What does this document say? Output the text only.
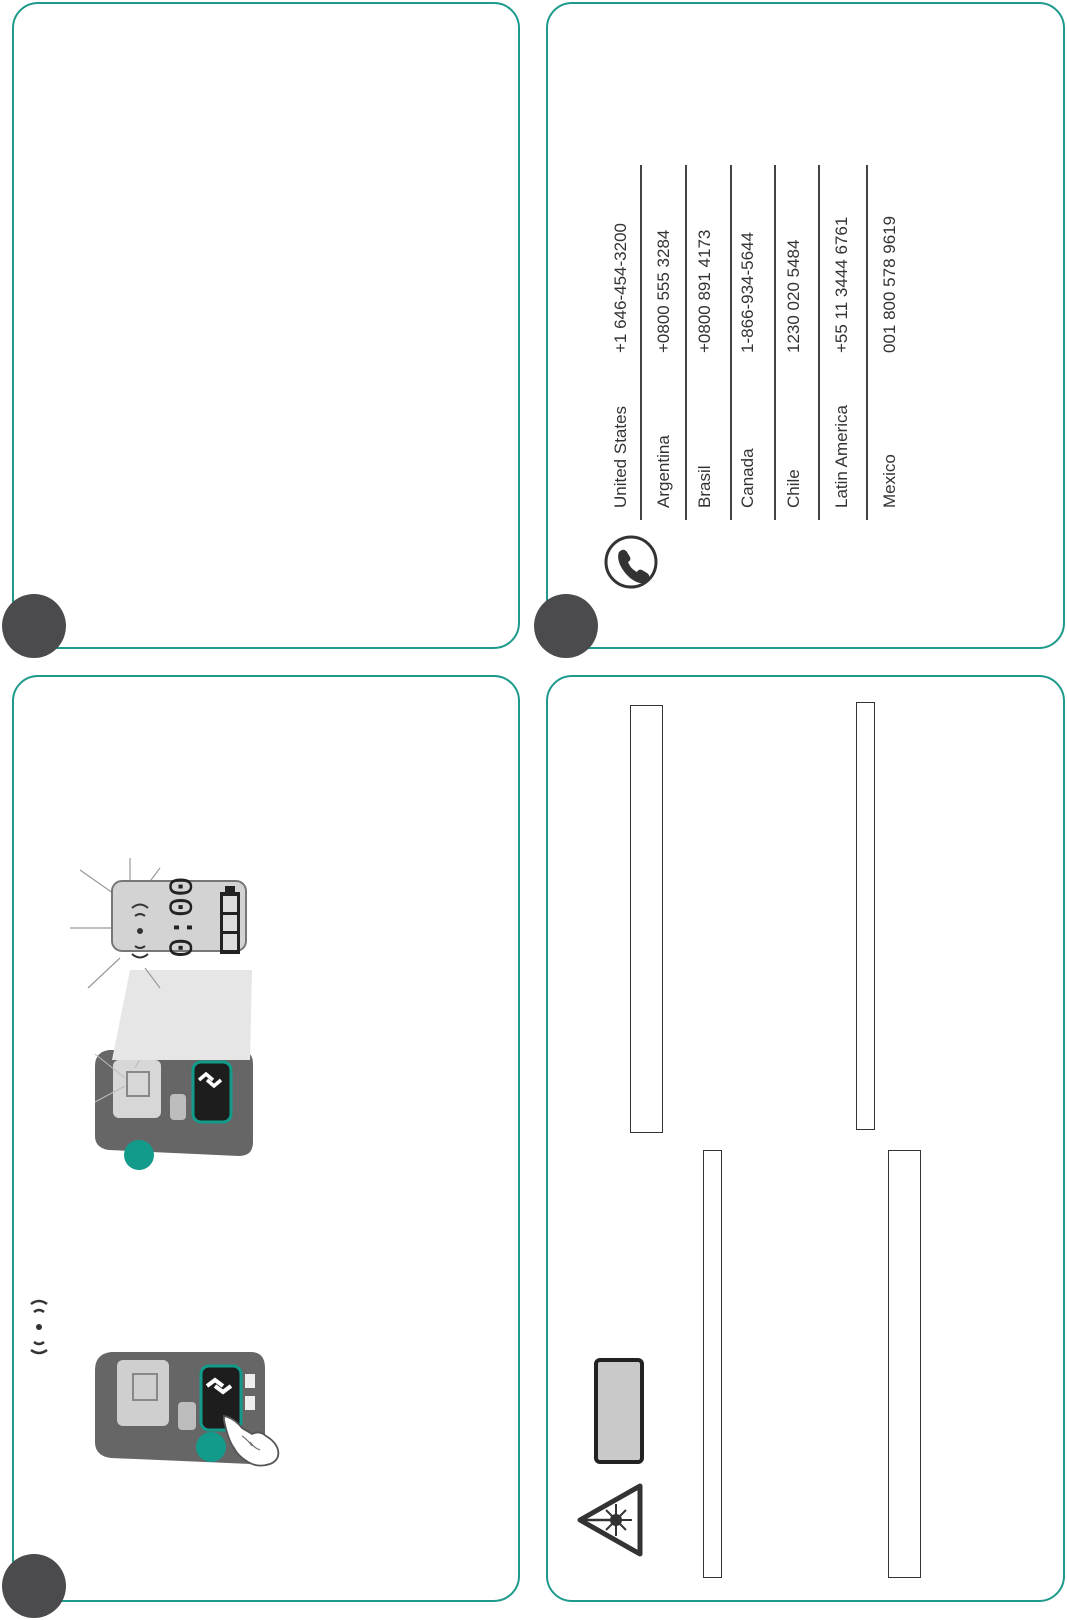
United States
+1 646-454-3200
Argentina
+0800 555 3284
Brasil
+0800 891 4173
Canada
1-866-934-5644
Chile
1230 020 5484
Latin America
+55 11 3444 6761
Mexico
001 800 578 9619
0:00
